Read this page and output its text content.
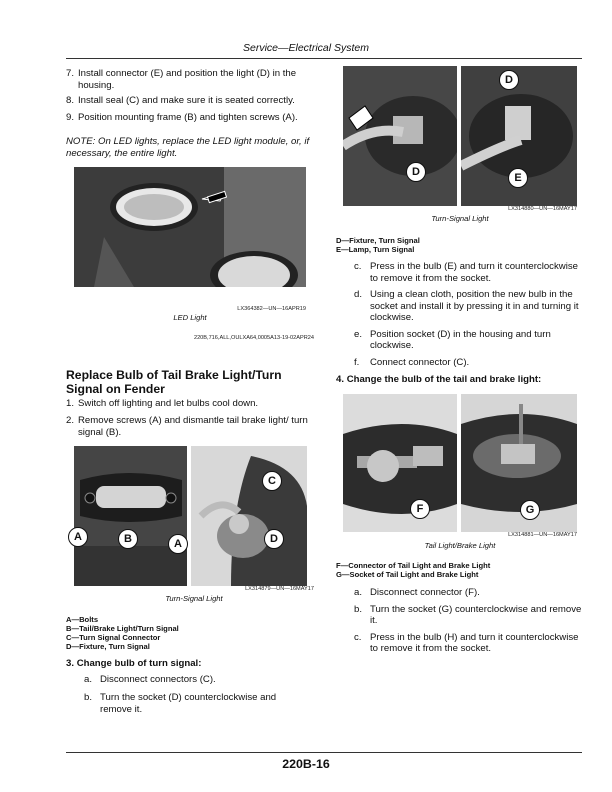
Service—Electrical System
7. Install connector (E) and position the light (D) in the housing.
8. Install seal (C) and make sure it is seated correctly.
9. Position mounting frame (B) and tighten screws (A).
NOTE: On LED lights, replace the LED light module, or, if necessary, the entire light.
LX364382—UN—16APR19
LED Light
220B,716,ALL,OULXA64,0005A13-19-02APR24
Replace Bulb of Tail Brake Light/Turn Signal on Fender
1. Switch off lighting and let bulbs cool down.
2. Remove screws (A) and dismantle tail brake light/ turn signal (B).
A	B	A
C
D
LX314879—UN—16MAY17
Turn-Signal Light
A—Bolts
B—Tail/Brake Light/Turn Signal
C—Turn Signal Connector
D—Fixture, Turn Signal
3. Change bulb of turn signal:
a. Disconnect connectors (C).
b. Turn the socket (D) counterclockwise and remove it.
D
D
E
LX314880—UN—16MAY17
Turn-Signal Light
D—Fixture, Turn Signal
E—Lamp, Turn Signal
c. Press in the bulb (E) and turn it counterclockwise to remove it from the socket.
d. Using a clean cloth, position the new bulb in the socket and install it by pressing it in and turning it clockwise.
e. Position socket (D) in the housing and turn clockwise.
f. Connect connector (C).
4. Change the bulb of the tail and brake light:
F	G
LX314881—UN—16MAY17
Tail Light/Brake Light
F—Connector of Tail Light and Brake Light
G—Socket of Tail Light and Brake Light
a. Disconnect connector (F).
b. Turn the socket (G) counterclockwise and remove it.
c. Press in the bulb (H) and turn it counterclockwise to remove it from the socket.
220B-16
